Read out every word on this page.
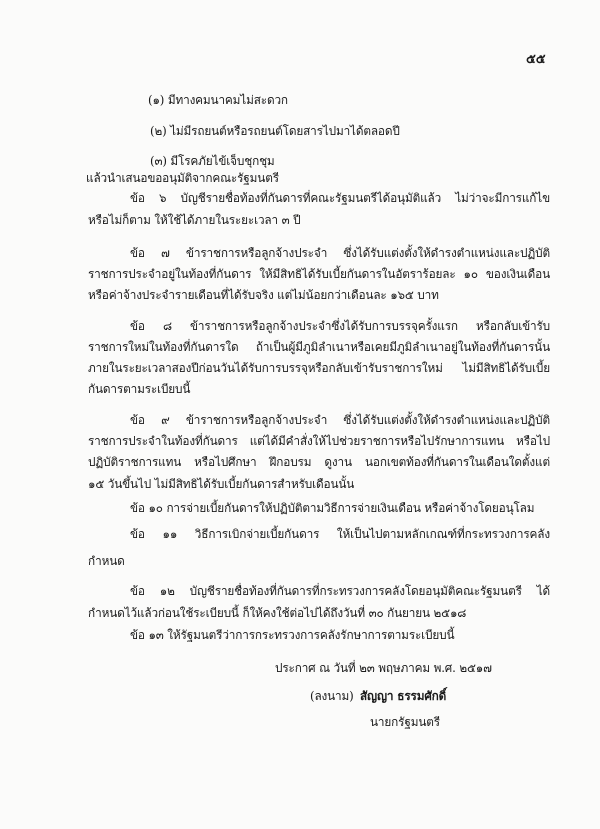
๕๕
(๑) มีทางคมนาคมไม่สะดวก
(๒) ไม่มีรถยนต์หรือรถยนต์โดยสารไปมาได้ตลอดปี
(๓) มีโรคภัยไข้เจ็บชุกชุม
แล้วนำเสนอขออนุมัติจากคณะรัฐมนตรี
ข้อ ๖ บัญชีรายชื่อท้องที่กันดารที่คณะรัฐมนตรีได้อนุมัติแล้ว ไม่ว่าจะมีการแก้ไข
หรือไม่ก็ตาม ให้ใช้ได้ภายในระยะเวลา ๓ ปี
ข้อ ๗ ข้าราชการหรือลูกจ้างประจำ ซึ่งได้รับแต่งตั้งให้ดำรงตำแหน่งและปฏิบัติ
ราชการประจำอยู่ในท้องที่กันดาร ให้มีสิทธิได้รับเบี้ยกันดารในอัตราร้อยละ ๑๐ ของเงินเดือน
หรือค่าจ้างประจำรายเดือนที่ได้รับจริง แต่ไม่น้อยกว่าเดือนละ ๑๖๕ บาท
ข้อ ๘ ข้าราชการหรือลูกจ้างประจำซึ่งได้รับการบรรจุครั้งแรก หรือกลับเข้ารับ
ราชการใหม่ในท้องที่กันดารใด ถ้าเป็นผู้มีภูมิลำเนาหรือเคยมีภูมิลำเนาอยู่ในท้องที่กันดารนั้น
ภายในระยะเวลาสองปีก่อนวันได้รับการบรรจุหรือกลับเข้ารับราชการใหม่ ไม่มีสิทธิได้รับเบี้ย
กันดารตามระเบียบนี้
ข้อ ๙ ข้าราชการหรือลูกจ้างประจำ ซึ่งได้รับแต่งตั้งให้ดำรงตำแหน่งและปฏิบัติ
ราชการประจำในท้องที่กันดาร แต่ได้มีคำสั่งให้ไปช่วยราชการหรือไปรักษาการแทน หรือไป
ปฏิบัติราชการแทน หรือไปศึกษา ฝึกอบรม ดูงาน นอกเขตท้องที่กันดารในเดือนใดตั้งแต่
๑๕ วันขึ้นไป ไม่มีสิทธิได้รับเบี้ยกันดารสำหรับเดือนนั้น
ข้อ ๑๐ การจ่ายเบี้ยกันดารให้ปฏิบัติตามวิธีการจ่ายเงินเดือน หรือค่าจ้างโดยอนุโลม
ข้อ ๑๑ วิธีการเบิกจ่ายเบี้ยกันดาร ให้เป็นไปตามหลักเกณฑ์ที่กระทรวงการคลัง
กำหนด
ข้อ ๑๒ บัญชีรายชื่อท้องที่กันดารที่กระทรวงการคลังโดยอนุมัติคณะรัฐมนตรี ได้
กำหนดไว้แล้วก่อนใช้ระเบียบนี้ ก็ให้คงใช้ต่อไปได้ถึงวันที่ ๓๐ กันยายน ๒๕๑๘
ข้อ ๑๓ ให้รัฐมนตรีว่าการกระทรวงการคลังรักษาการตามระเบียบนี้
ประกาศ ณ วันที่ ๒๓ พฤษภาคม พ.ศ. ๒๕๑๗
(ลงนาม) สัญญา ธรรมศักดิ์
นายกรัฐมนตรี
